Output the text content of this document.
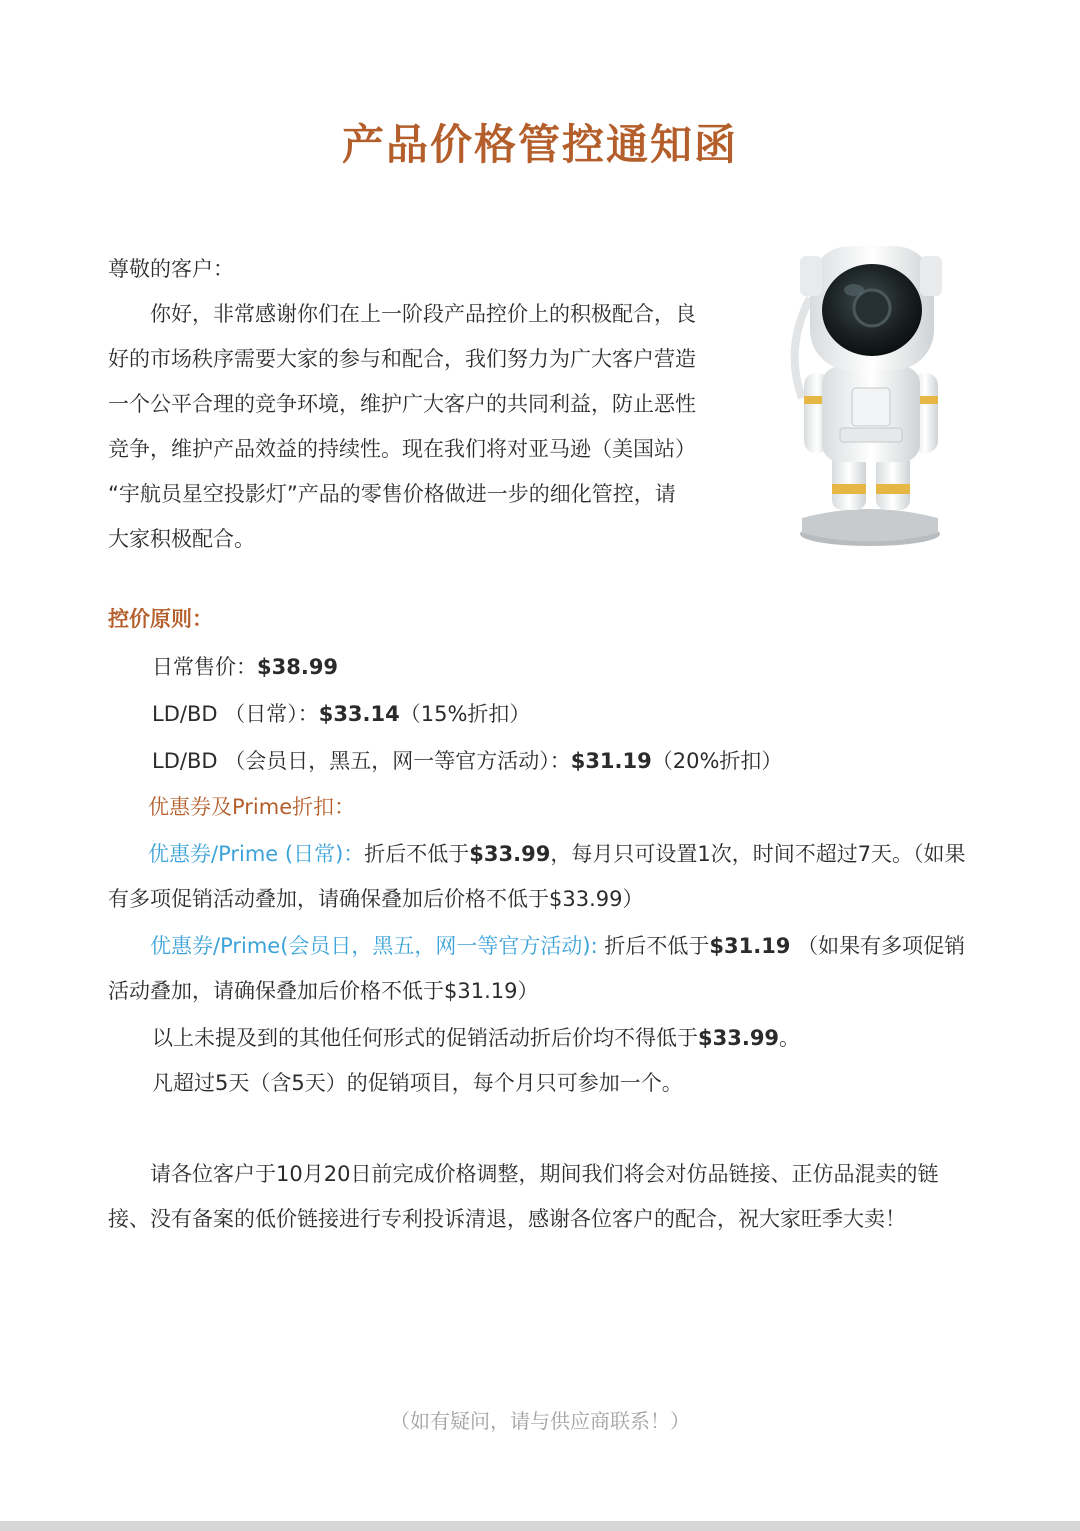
产品价格管控通知函
尊敬的客户：
你好，非常感谢你们在上一阶段产品控价上的积极配合，良
好的市场秩序需要大家的参与和配合，我们努力为广大客户营造
一个公平合理的竞争环境，维护广大客户的共同利益，防止恶性
竞争，维护产品效益的持续性。现在我们将对亚马逊（美国站）
“宇航员星空投影灯”产品的零售价格做进一步的细化管控，请
大家积极配合。
控价原则：
日常售价：$38.99
LD/BD （日常）：$33.14（15%折扣）
LD/BD （会员日，黑五，网一等官方活动）：$31.19（20%折扣）
优惠券及Prime折扣：
优惠券/Prime (日常)：折后不低于$33.99，每月只可设置1次，时间不超过7天。（如果
有多项促销活动叠加，请确保叠加后价格不低于$33.99）
优惠券/Prime(会员日，黑五，网一等官方活动): 折后不低于$31.19 （如果有多项促销
活动叠加，请确保叠加后价格不低于$31.19）
以上未提及到的其他任何形式的促销活动折后价均不得低于$33.99。
凡超过5天（含5天）的促销项目，每个月只可参加一个。
请各位客户于10月20日前完成价格调整，期间我们将会对仿品链接、正仿品混卖的链
接、没有备案的低价链接进行专利投诉清退，感谢各位客户的配合，祝大家旺季大卖！
（如有疑问，请与供应商联系！）
